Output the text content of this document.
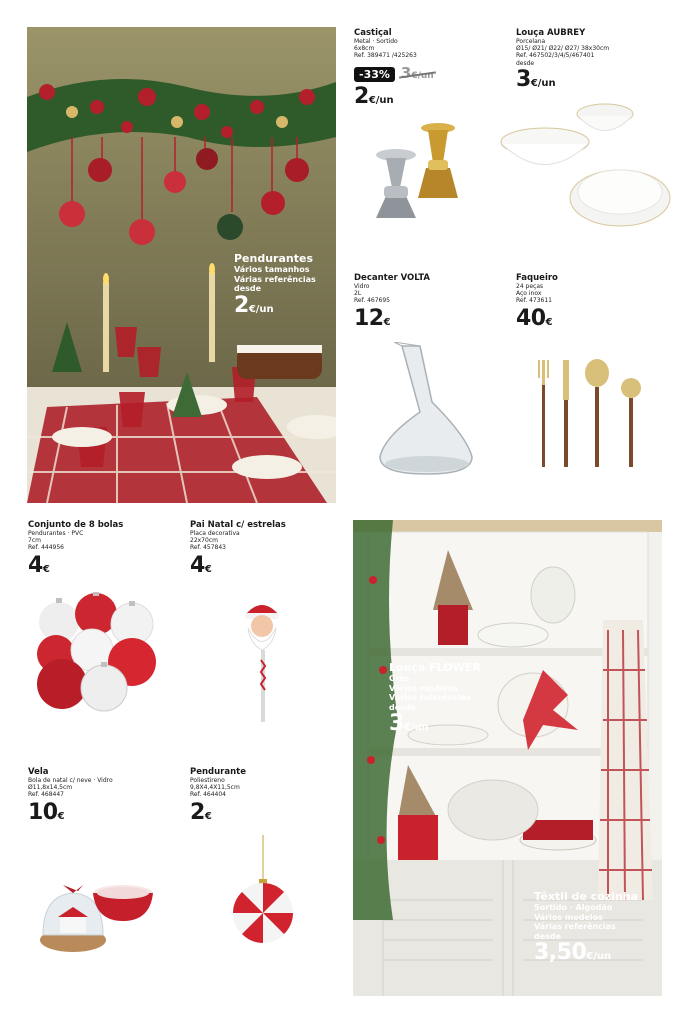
Pendurantes
Vários tamanhos
Várias referências
desde
2€/un
Castiçal
Metal · Sortido
6x8cm
Ref. 389471 /425263
-33% 3€/un
2€/un
Louça AUBREY
Porcelana
Ø15/ Ø21/ Ø22/ Ø27/ 38x30cm
Ref. 467502/3/4/5/467401
desde
3€/un
Decanter VOLTA
Vidro
2L
Ref. 467695
12€
Faqueiro
24 peças
Aço inox
Ref. 473611
40€
Conjunto de 8 bolas
Pendurantes · PVC
7cm
Ref. 444956
4€
Pai Natal c/ estrelas
Placa decorativa
22x70cm
Ref. 457843
4€
Vela
Bola de natal c/ neve · Vidro
Ø11,8x14,5cm
Ref. 468447
10€
Pendurante
Poliestireno
9,8X4,4X11,5cm
Ref. 464404
2€
Louça FLOWER
Grês
Vários modelos
Várias referências
desde
3€/un
Têxtil de cozinha
Sortido · Algodão
Vários modelos
Várias referências
desde
3,50€/un
